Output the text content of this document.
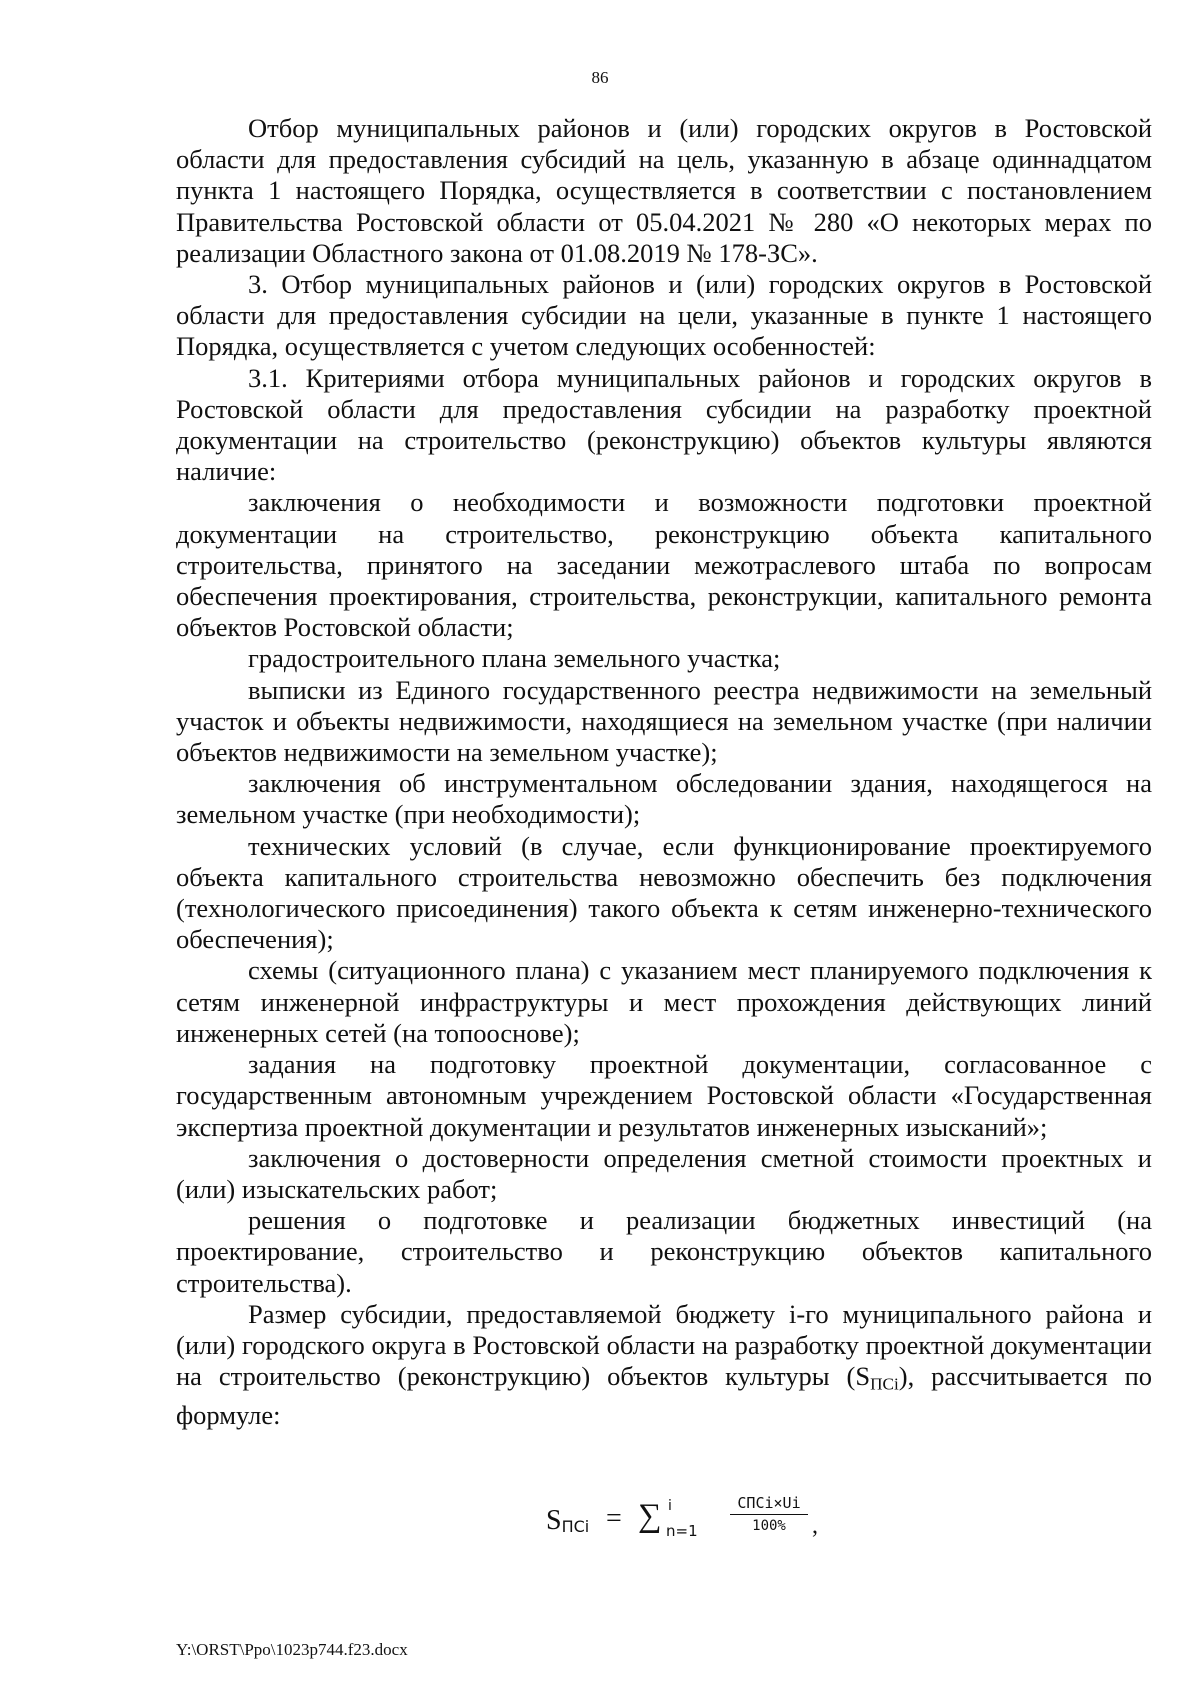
86

Отбор муниципальных районов и (или) городских округов в Ростовской области для предоставления субсидий на цель, указанную в абзаце одиннадцатом пункта 1 настоящего Порядка, осуществляется в соответствии с постановлением Правительства Ростовской области от 05.04.2021 № 280 «О некоторых мерах по реализации Областного закона от 01.08.2019 № 178-ЗС».

3. Отбор муниципальных районов и (или) городских округов в Ростовской области для предоставления субсидии на цели, указанные в пункте 1 настоящего Порядка, осуществляется с учетом следующих особенностей:

3.1. Критериями отбора муниципальных районов и городских округов в Ростовской области для предоставления субсидии на разработку проектной документации на строительство (реконструкцию) объектов культуры являются наличие:

заключения о необходимости и возможности подготовки проектной документации на строительство, реконструкцию объекта капитального строительства, принятого на заседании межотраслевого штаба по вопросам обеспечения проектирования, строительства, реконструкции, капитального ремонта объектов Ростовской области;

градостроительного плана земельного участка;

выписки из Единого государственного реестра недвижимости на земельный участок и объекты недвижимости, находящиеся на земельном участке (при наличии объектов недвижимости на земельном участке);

заключения об инструментальном обследовании здания, находящегося на земельном участке (при необходимости);

технических условий (в случае, если функционирование проектируемого объекта капитального строительства невозможно обеспечить без подключения (технологического присоединения) такого объекта к сетям инженерно-технического обеспечения);

схемы (ситуационного плана) с указанием мест планируемого подключения к сетям инженерной инфраструктуры и мест прохождения действующих линий инженерных сетей (на топооснове);

задания на подготовку проектной документации, согласованное с государственным автономным учреждением Ростовской области «Государственная экспертиза проектной документации и результатов инженерных изысканий»;

заключения о достоверности определения сметной стоимости проектных и (или) изыскательских работ;

решения о подготовке и реализации бюджетных инвестиций (на проектирование, строительство и реконструкцию объектов капитального строительства).

Размер субсидии, предоставляемой бюджету i-го муниципального района и (или) городского округа в Ростовской области на разработку проектной документации на строительство (реконструкцию) объектов культуры $(S_{ПСi})$, рассчитывается по формуле:

SПСi = ∑ i
n=1
CПСi×Ui
100%	,
Y:\ORST\Ppo\1023p744.f23.docx
